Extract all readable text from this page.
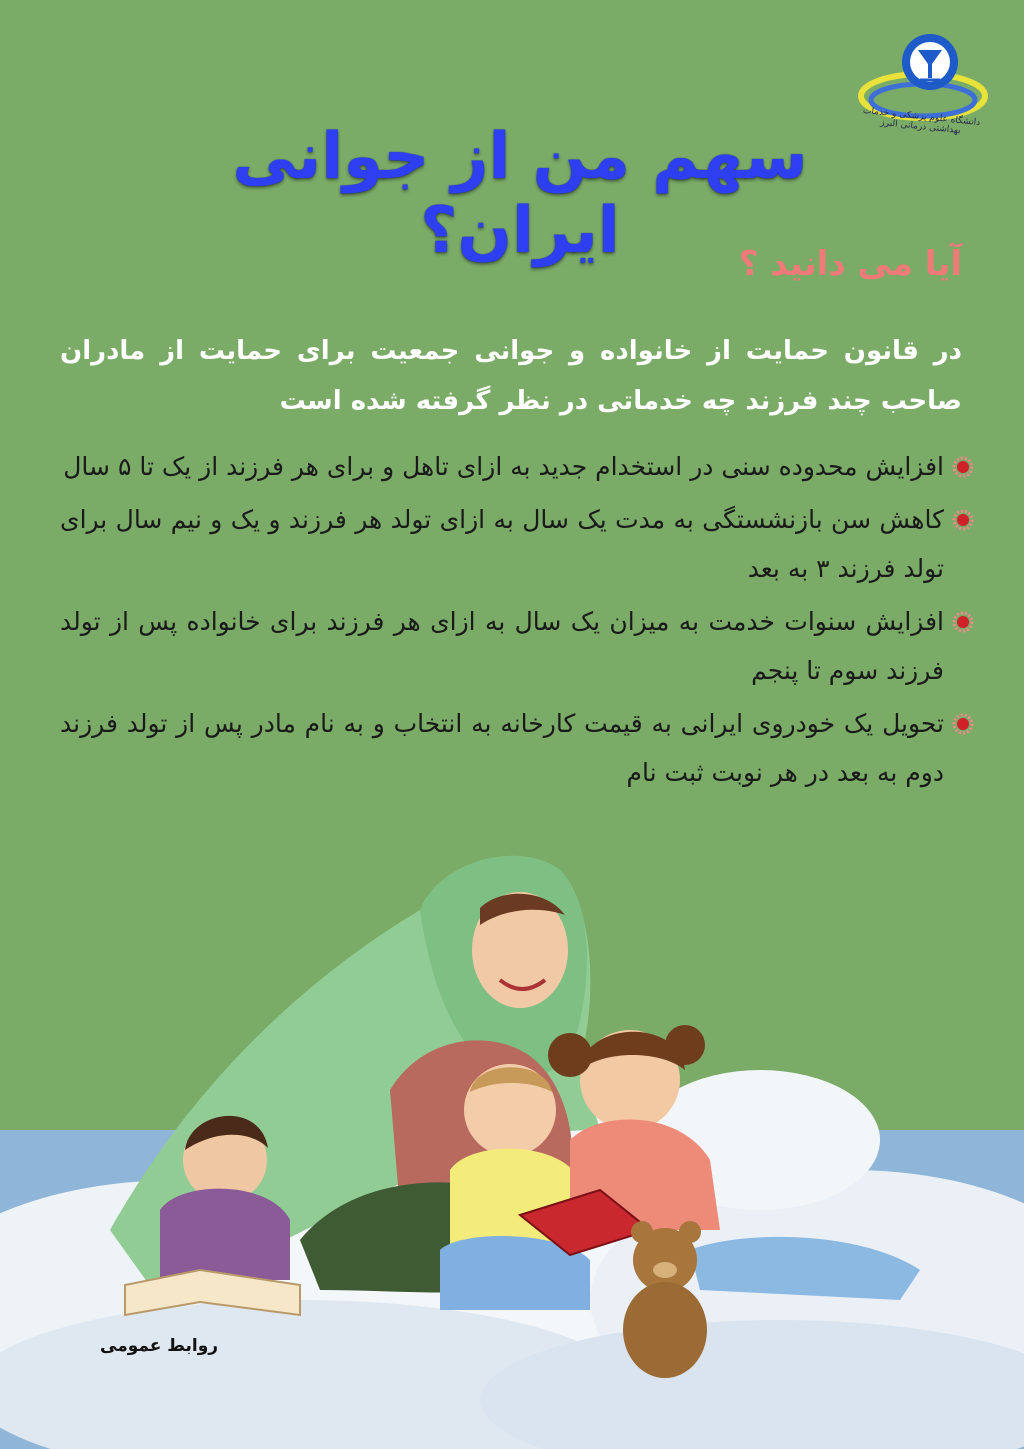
دانشگاه علوم پزشکی و خدمات بهداشتی درمانی البرز
سهم من از جوانی ایران؟	آیا می دانید ؟

در قانون حمایت از خانواده و جوانی جمعیت برای حمایت از مادران صاحب چند فرزند چه خدماتی در نظر گرفته شده است

افزایش محدوده سنی در استخدام جدید به ازای تاهل و برای هر فرزند از یک تا ۵ سال
کاهش سن بازنشستگی به مدت یک سال به ازای تولد هر فرزند و یک و نیم سال برای تولد فرزند ۳ به بعد
افزایش سنوات خدمت به میزان یک سال به ازای هر فرزند برای خانواده پس از تولد فرزند سوم تا پنجم
تحویل یک خودروی ایرانی به قیمت کارخانه به انتخاب و به نام مادر پس از تولد فرزند دوم به بعد در هر نوبت ثبت نام
روابط عمومی
